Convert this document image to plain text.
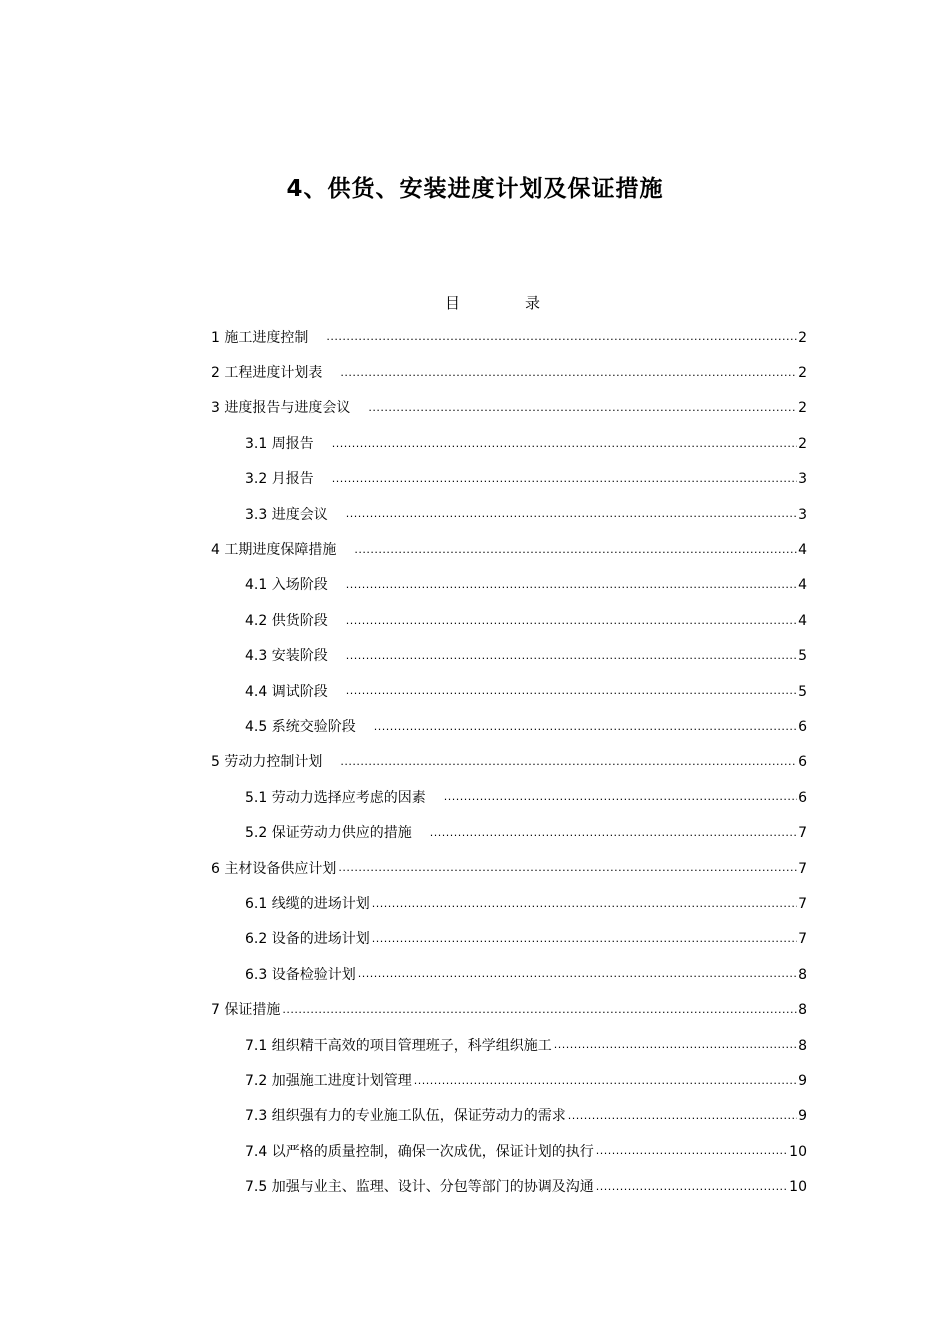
4、供货、安装进度计划及保证措施
目	录
1 施工进度控制 .....	2
2 工程进度计划表 .....	2
3 进度报告与进度会议 .....	2
3.1 周报告 .....	2
3.2 月报告 .....	3
3.3 进度会议 .....	3
4 工期进度保障措施 .....	4
4.1 入场阶段 .....	4
4.2 供货阶段 .....	4
4.3 安装阶段 .....	5
4.4 调试阶段 .....	5
4.5 系统交验阶段 .....	6
5 劳动力控制计划 .....	6
5.1 劳动力选择应考虑的因素 .....	6
5.2 保证劳动力供应的措施 .....	7
6 主材设备供应计划 .....	7
6.1 线缆的进场计划 .....	7
6.2 设备的进场计划 .....	7
6.3 设备检验计划 .....	8
7 保证措施 .....	8
7.1 组织精干高效的项目管理班子，科学组织施工 .....	8
7.2 加强施工进度计划管理 .....	9
7.3 组织强有力的专业施工队伍，保证劳动力的需求 .....	9
7.4 以严格的质量控制，确保一次成优，保证计划的执行 .....	10
7.5 加强与业主、监理、设计、分包等部门的协调及沟通 .....	10
